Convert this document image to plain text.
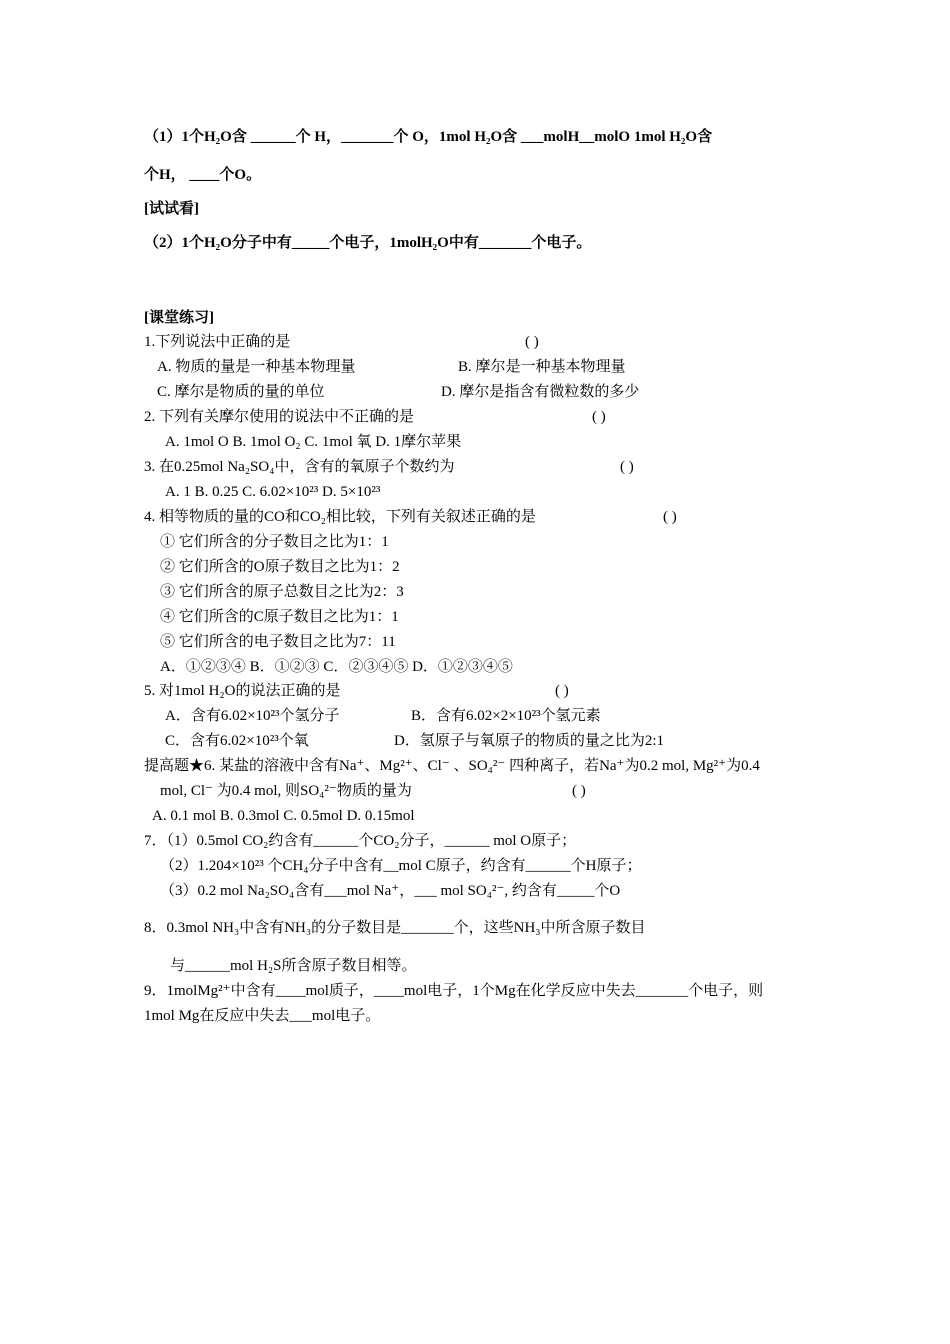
（1）1个H₂O含 ______个 H，_______个 O，1mol H₂O含 ___molH__molO 1mol H₂O含
个H， ____个O。
[试试看]
（2）1个H₂O分子中有_____个电子，1molH₂O中有_______个电子。
[课堂练习]
1.下列说法中正确的是	( )
A. 物质的量是一种基本物理量	B. 摩尔是一种基本物理量
C. 摩尔是物质的量的单位	D. 摩尔是指含有微粒数的多少
2. 下列有关摩尔使用的说法中不正确的是	( )
A. 1mol O B. 1mol O₂ C. 1mol 氧 D. 1摩尔苹果
3. 在0.25mol Na₂SO₄中，含有的氧原子个数约为	( )
A. 1 B. 0.25 C. 6.02×10²³ D. 5×10²³
4. 相等物质的量的CO和CO₂相比较，下列有关叙述正确的是	( )
① 它们所含的分子数目之比为1：1
② 它们所含的O原子数目之比为1：2
③ 它们所含的原子总数目之比为2：3
④ 它们所含的C原子数目之比为1：1
⑤ 它们所含的电子数目之比为7：11
A．①②③④ B．①②③ C．②③④⑤ D．①②③④⑤
5. 对1mol H₂O的说法正确的是	( )
A．含有6.02×10²³个氢分子	B．含有6.02×2×10²³个氢元素
C．含有6.02×10²³个氧	D．氢原子与氧原子的物质的量之比为2:1
提高题★6. 某盐的溶液中含有Na⁺、Mg²⁺、Cl⁻ 、SO₄²⁻ 四种离子，若Na⁺为0.2 mol, Mg²⁺为0.4
mol, Cl⁻ 为0.4 mol, 则SO₄²⁻物质的量为	( )
A. 0.1 mol B. 0.3mol C. 0.5mol D. 0.15mol
7．（1）0.5mol CO₂约含有______个CO₂分子，______ mol O原子；
（2）1.204×10²³ 个CH₄分子中含有__mol C原子，约含有______个H原子；
（3）0.2 mol Na₂SO₄含有___mol Na⁺，___ mol SO₄²⁻, 约含有_____个O
8．0.3mol NH₃中含有NH₃的分子数目是_______个，这些NH₃中所含原子数目
与______mol H₂S所含原子数目相等。
9．1molMg²⁺中含有____mol质子，____mol电子，1个Mg在化学反应中失去_______个电子，则
1mol Mg在反应中失去___mol电子。
